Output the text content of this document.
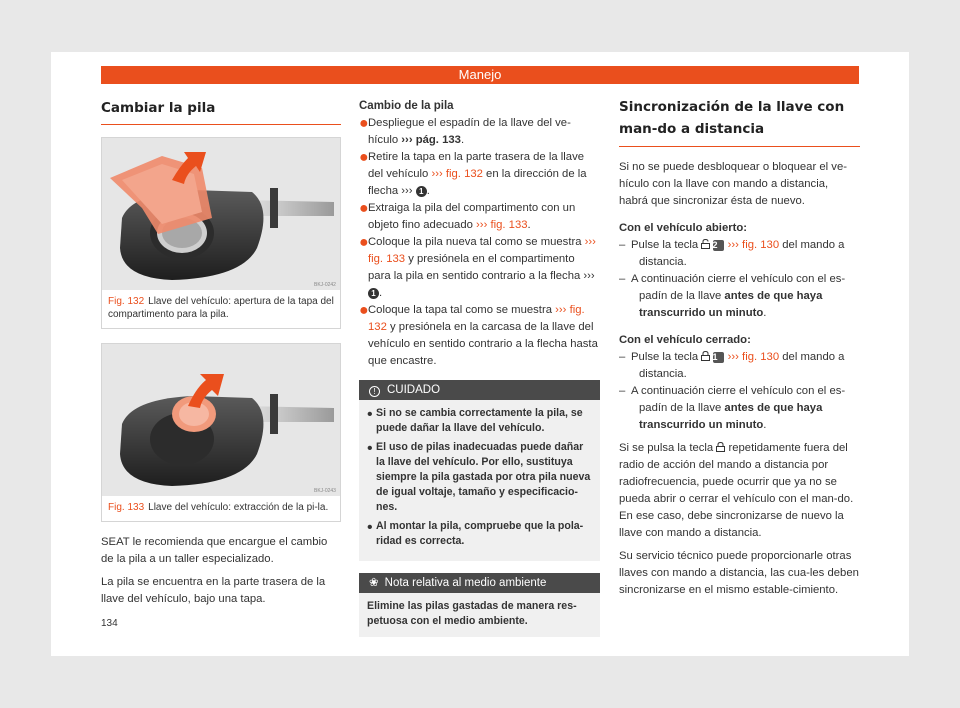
Manejo
Cambiar la pila
BKJ-0242
Fig. 132 Llave del vehículo: apertura de la tapa del compartimento para la pila.
BKJ-0243
Fig. 133 Llave del vehículo: extracción de la pi-la.

SEAT le recomienda que encargue el cambio de la pila a un taller especializado.

La pila se encuentra en la parte trasera de la llave del vehículo, bajo una tapa.

Cambio de la pila

● Despliegue el espadín de la llave del ve-hículo ››› pág. 133.

● Retire la tapa en la parte trasera de la llave del vehículo ››› fig. 132 en la dirección de la flecha ››› 1 .

● Extraiga la pila del compartimento con un objeto fino adecuado ››› fig. 133.

● Coloque la pila nueva tal como se muestra ››› fig. 133 y presiónela en el compartimento para la pila en sentido contrario a la flecha ››› 1 .

● Coloque la tapa tal como se muestra ››› fig. 132 y presiónela en la carcasa de la llave del vehículo en sentido contrario a la flecha hasta que encastre.

! CUIDADO
• Si no se cambia correctamente la pila, se puede dañar la llave del vehículo.

• El uso de pilas inadecuadas puede dañar la llave del vehículo. Por ello, sustituya siempre la pila gastada por otra pila nueva de igual voltaje, tamaño y especificacio-nes.

• Al montar la pila, compruebe que la pola-ridad es correcta.

❀ Nota relativa al medio ambiente

Elimine las pilas gastadas de manera res-petuosa con el medio ambiente.

Sincronización de la llave con man-do a distancia

Si no se puede desbloquear o bloquear el ve-hículo con la llave con mando a distancia, habrá que sincronizar ésta de nuevo.

Con el vehículo abierto:

– Pulse la tecla  2 ››› fig. 130 del mando a distancia.
– A continuación cierre el vehículo con el es-padín de la llave antes de que haya transcurrido un minuto.

Con el vehículo cerrado:

– Pulse la tecla  1 ››› fig. 130 del mando a distancia.
– A continuación cierre el vehículo con el es-padín de la llave antes de que haya transcurrido un minuto.

Si se pulsa la tecla  repetidamente fuera del radio de acción del mando a distancia por radiofrecuencia, puede ocurrir que ya no se pueda abrir o cerrar el vehículo con el man-do. En ese caso, debe sincronizarse de nuevo la llave con mando a distancia.

Su servicio técnico puede proporcionarle otras llaves con mando a distancia, las cua-les deben sincronizarse en el mismo estable-cimiento.

134
